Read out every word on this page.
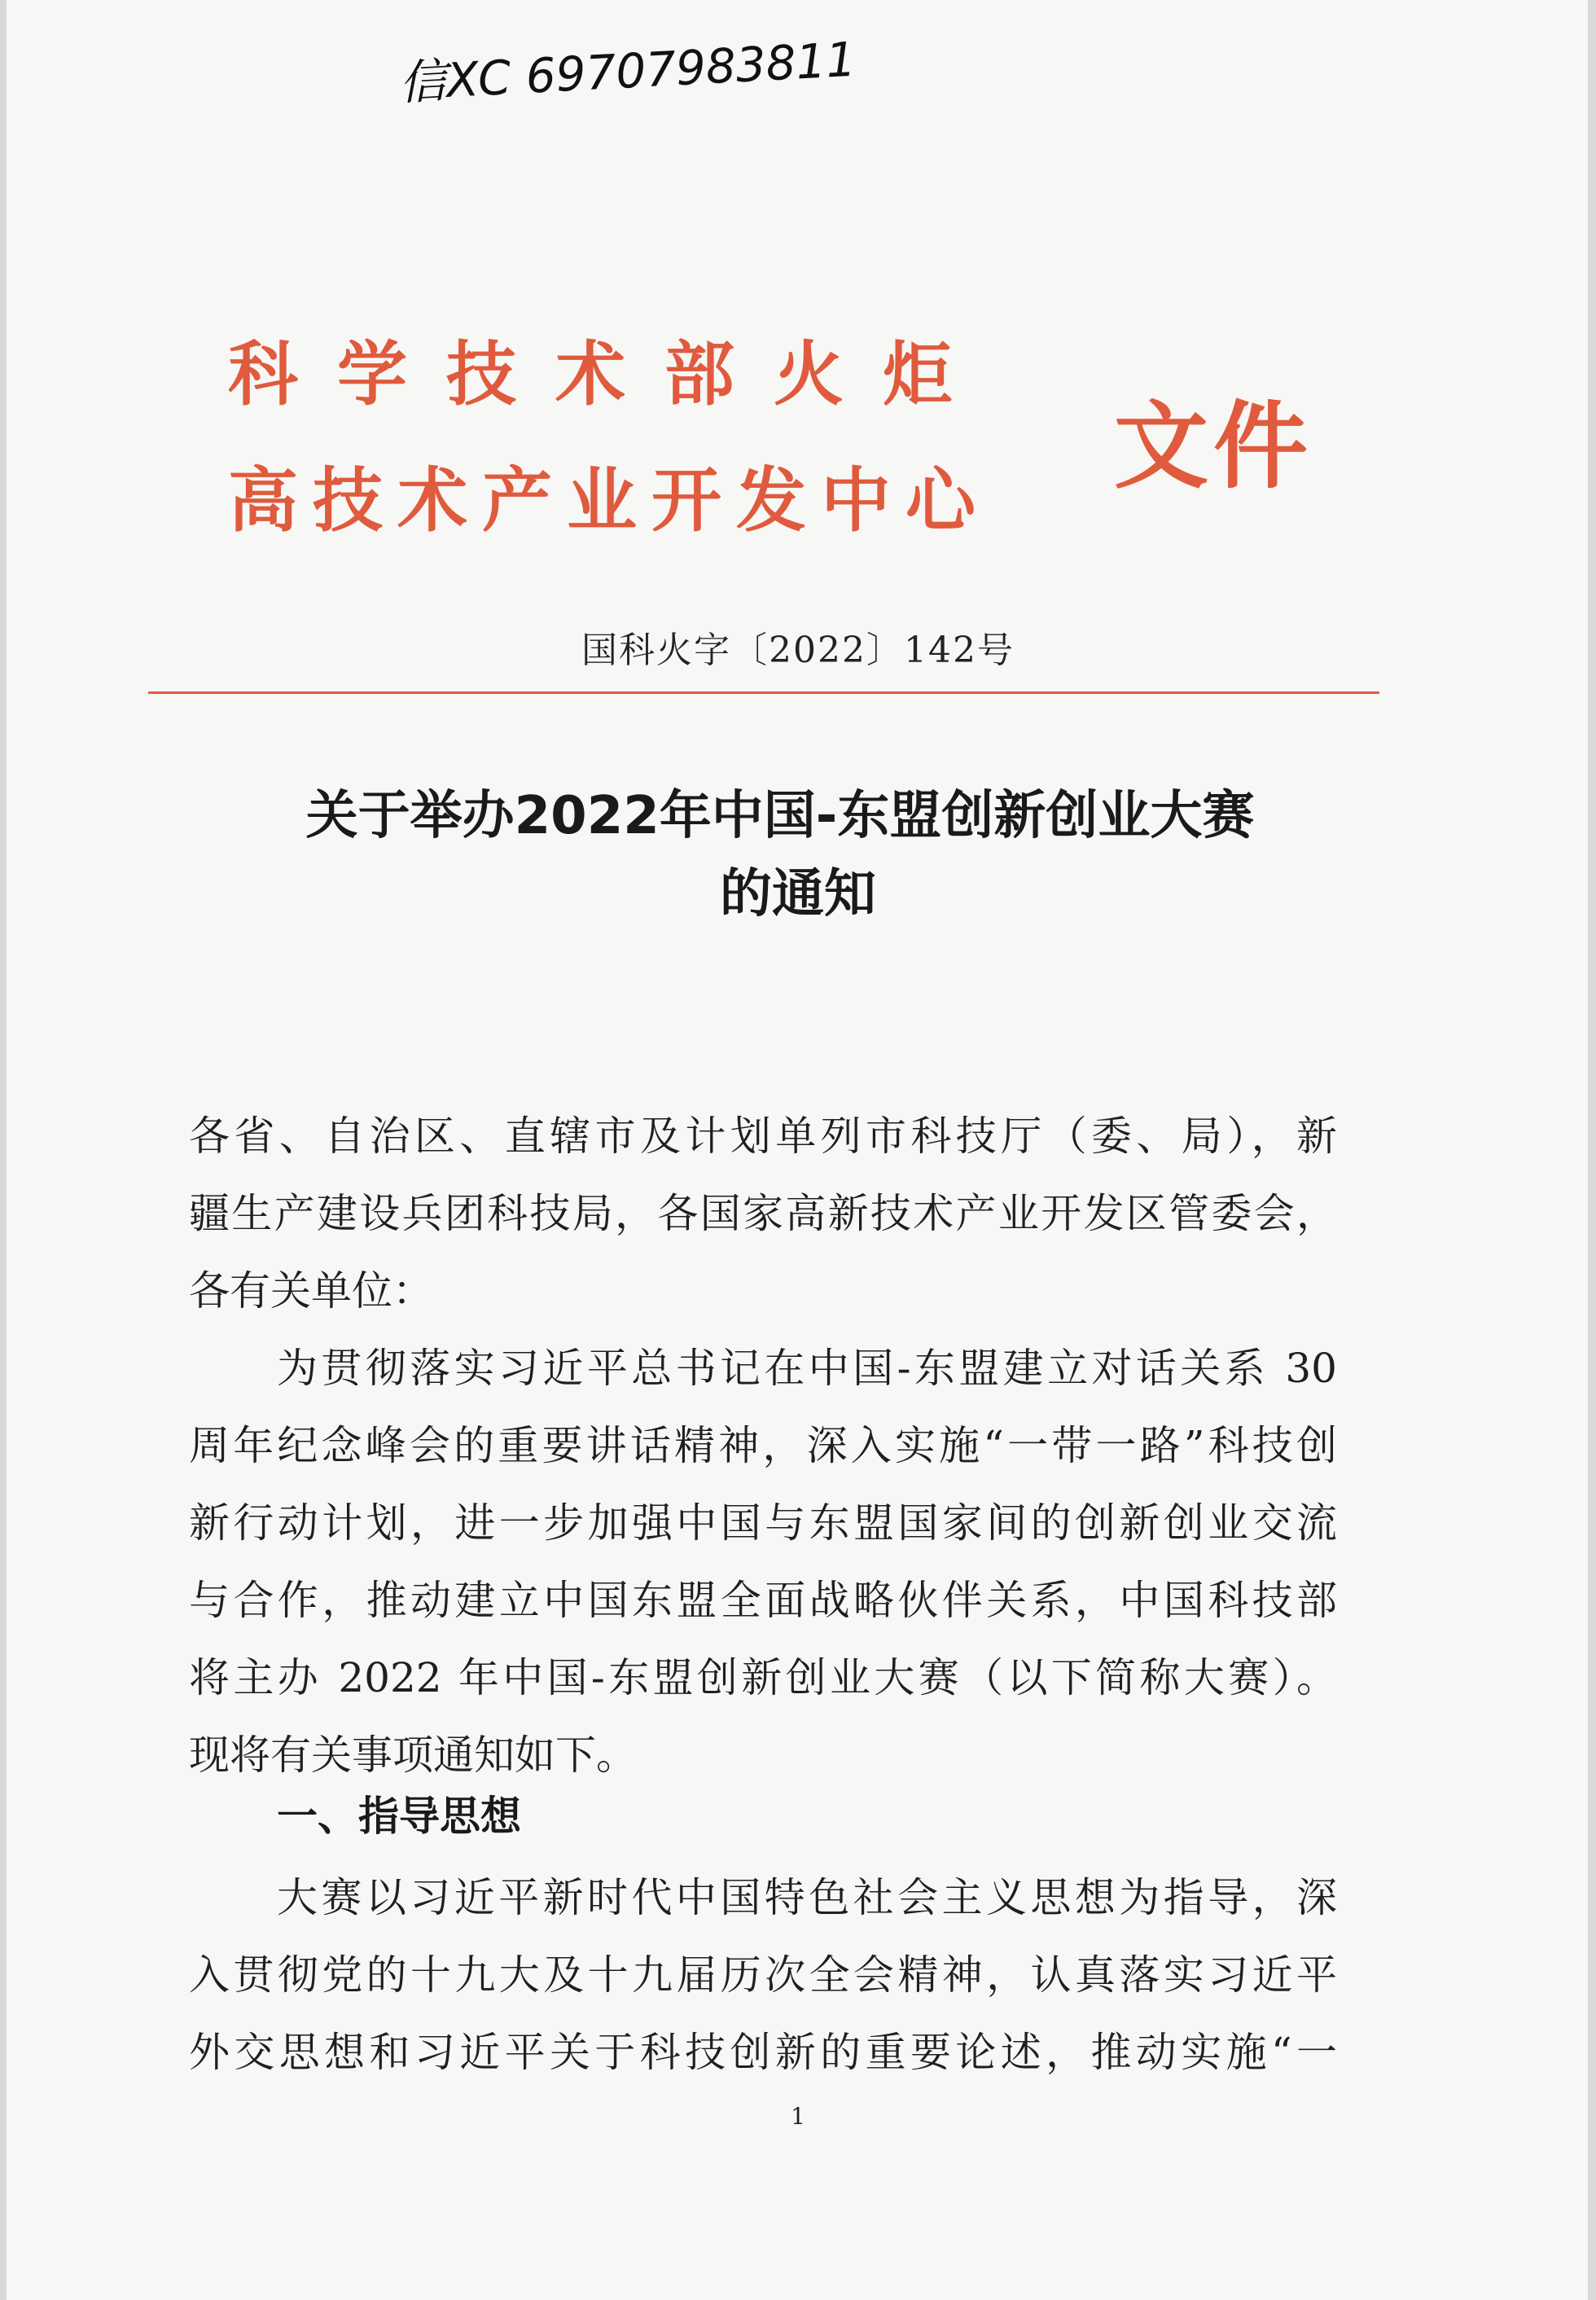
信XC 69707983811
科学技术部火炬
高技术产业开发中心 文件
国科火字〔2022〕142号
关于举办2022年中国-东盟创新创业大赛
的通知
各省、自治区、直辖市及计划单列市科技厅（委、局），新
疆生产建设兵团科技局，各国家高新技术产业开发区管委会，
各有关单位：
为贯彻落实习近平总书记在中国-东盟建立对话关系 30
周年纪念峰会的重要讲话精神，深入实施“一带一路”科技创
新行动计划，进一步加强中国与东盟国家间的创新创业交流
与合作，推动建立中国东盟全面战略伙伴关系，中国科技部
将主办 2022 年中国-东盟创新创业大赛（以下简称大赛）。
现将有关事项通知如下。
一、指导思想
大赛以习近平新时代中国特色社会主义思想为指导，深
入贯彻党的十九大及十九届历次全会精神，认真落实习近平
外交思想和习近平关于科技创新的重要论述，推动实施“一
1
